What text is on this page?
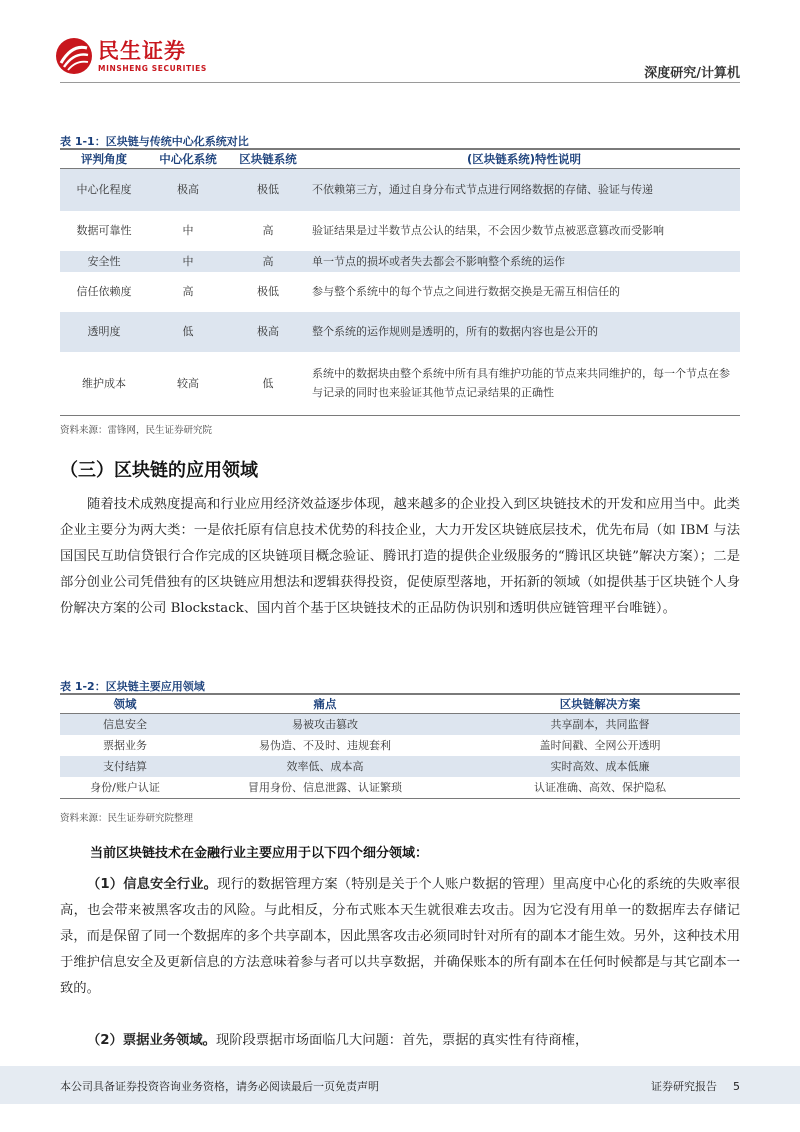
民生证券
MINSHENG SECURITIES	深度研究/计算机
表 1-1：区块链与传统中心化系统对比
评判角度	中心化系统	区块链系统	(区块链系统)特性说明
中心化程度	极高	极低	不依赖第三方，通过自身分布式节点进行网络数据的存储、验证与传递
数据可靠性	中	高	验证结果是过半数节点公认的结果，不会因少数节点被恶意篡改而受影响
安全性	中	高	单一节点的损坏或者失去都会不影响整个系统的运作
信任依赖度	高	极低	参与整个系统中的每个节点之间进行数据交换是无需互相信任的
透明度	低	极高	整个系统的运作规则是透明的，所有的数据内容也是公开的
维护成本	较高	低	系统中的数据块由整个系统中所有具有维护功能的节点来共同维护的，每一个节点在参与记录的同时也来验证其他节点记录结果的正确性
资料来源：雷锋网，民生证券研究院
（三）区块链的应用领域
随着技术成熟度提高和行业应用经济效益逐步体现，越来越多的企业投入到区块链技术的开发和应用当中。此类企业主要分为两大类：一是依托原有信息技术优势的科技企业，大力开发区块链底层技术，优先布局（如 IBM 与法国国民互助信贷银行合作完成的区块链项目概念验证、腾讯打造的提供企业级服务的“腾讯区块链”解决方案）；二是部分创业公司凭借独有的区块链应用想法和逻辑获得投资，促使原型落地，开拓新的领域（如提供基于区块链个人身份解决方案的公司 Blockstack、国内首个基于区块链技术的正品防伪识别和透明供应链管理平台唯链）。
表 1-2：区块链主要应用领域
领域	痛点	区块链解决方案
信息安全	易被攻击篡改	共享副本，共同监督
票据业务	易伪造、不及时、违规套利	盖时间戳、全网公开透明
支付结算	效率低、成本高	实时高效、成本低廉
身份/账户认证	冒用身份、信息泄露、认证繁琐	认证准确、高效、保护隐私
资料来源：民生证券研究院整理
当前区块链技术在金融行业主要应用于以下四个细分领域：
（1）信息安全行业。现行的数据管理方案（特别是关于个人账户数据的管理）里高度中心化的系统的失败率很高，也会带来被黑客攻击的风险。与此相反，分布式账本天生就很难去攻击。因为它没有用单一的数据库去存储记录，而是保留了同一个数据库的多个共享副本，因此黑客攻击必须同时针对所有的副本才能生效。另外，这种技术用于维护信息安全及更新信息的方法意味着参与者可以共享数据，并确保账本的所有副本在任何时候都是与其它副本一致的。
（2）票据业务领域。现阶段票据市场面临几大问题：首先，票据的真实性有待商榷，
本公司具备证券投资咨询业务资格，请务必阅读最后一页免责声明	证券研究报告 5
